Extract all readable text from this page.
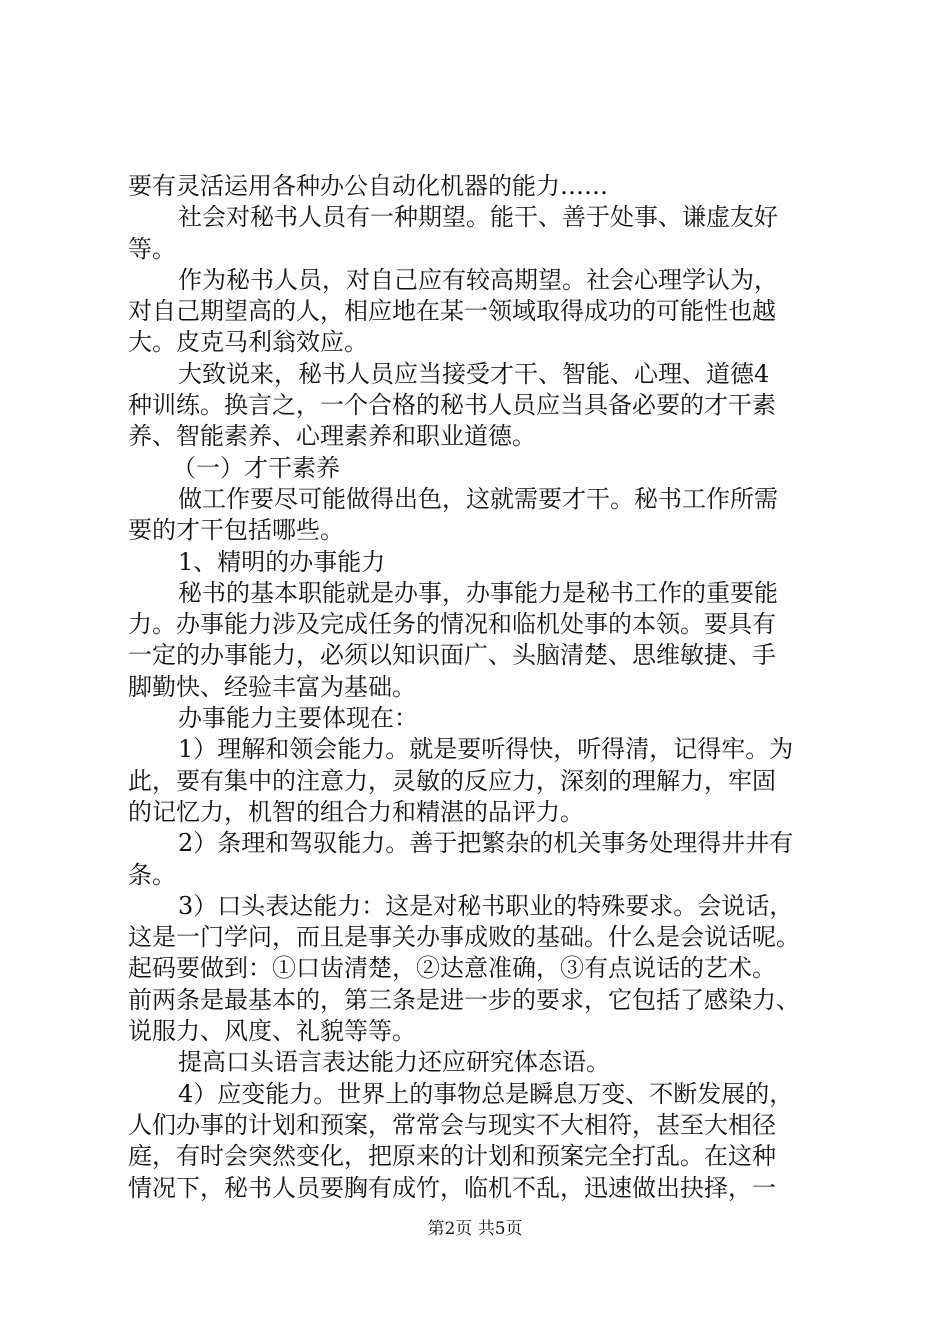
要有灵活运用各种办公自动化机器的能力……
社会对秘书人员有一种期望。能干、善于处事、谦虚友好
等。
作为秘书人员，对自己应有较高期望。社会心理学认为，
对自己期望高的人，相应地在某一领域取得成功的可能性也越
大。皮克马利翁效应。
大致说来，秘书人员应当接受才干、智能、心理、道德4
种训练。换言之，一个合格的秘书人员应当具备必要的才干素
养、智能素养、心理素养和职业道德。
（一）才干素养
做工作要尽可能做得出色，这就需要才干。秘书工作所需
要的才干包括哪些。
1、精明的办事能力
秘书的基本职能就是办事，办事能力是秘书工作的重要能
力。办事能力涉及完成任务的情况和临机处事的本领。要具有
一定的办事能力，必须以知识面广、头脑清楚、思维敏捷、手
脚勤快、经验丰富为基础。
办事能力主要体现在：
1）理解和领会能力。就是要听得快，听得清，记得牢。为
此，要有集中的注意力，灵敏的反应力，深刻的理解力，牢固
的记忆力，机智的组合力和精湛的品评力。
2）条理和驾驭能力。善于把繁杂的机关事务处理得井井有
条。
3）口头表达能力：这是对秘书职业的特殊要求。会说话，
这是一门学问，而且是事关办事成败的基础。什么是会说话呢。
起码要做到：①口齿清楚，②达意准确，③有点说话的艺术。
前两条是最基本的，第三条是进一步的要求，它包括了感染力、
说服力、风度、礼貌等等。
提高口头语言表达能力还应研究体态语。
4）应变能力。世界上的事物总是瞬息万变、不断发展的，
人们办事的计划和预案，常常会与现实不大相符，甚至大相径
庭，有时会突然变化，把原来的计划和预案完全打乱。在这种
情况下，秘书人员要胸有成竹，临机不乱，迅速做出抉择，一
第2页 共5页
